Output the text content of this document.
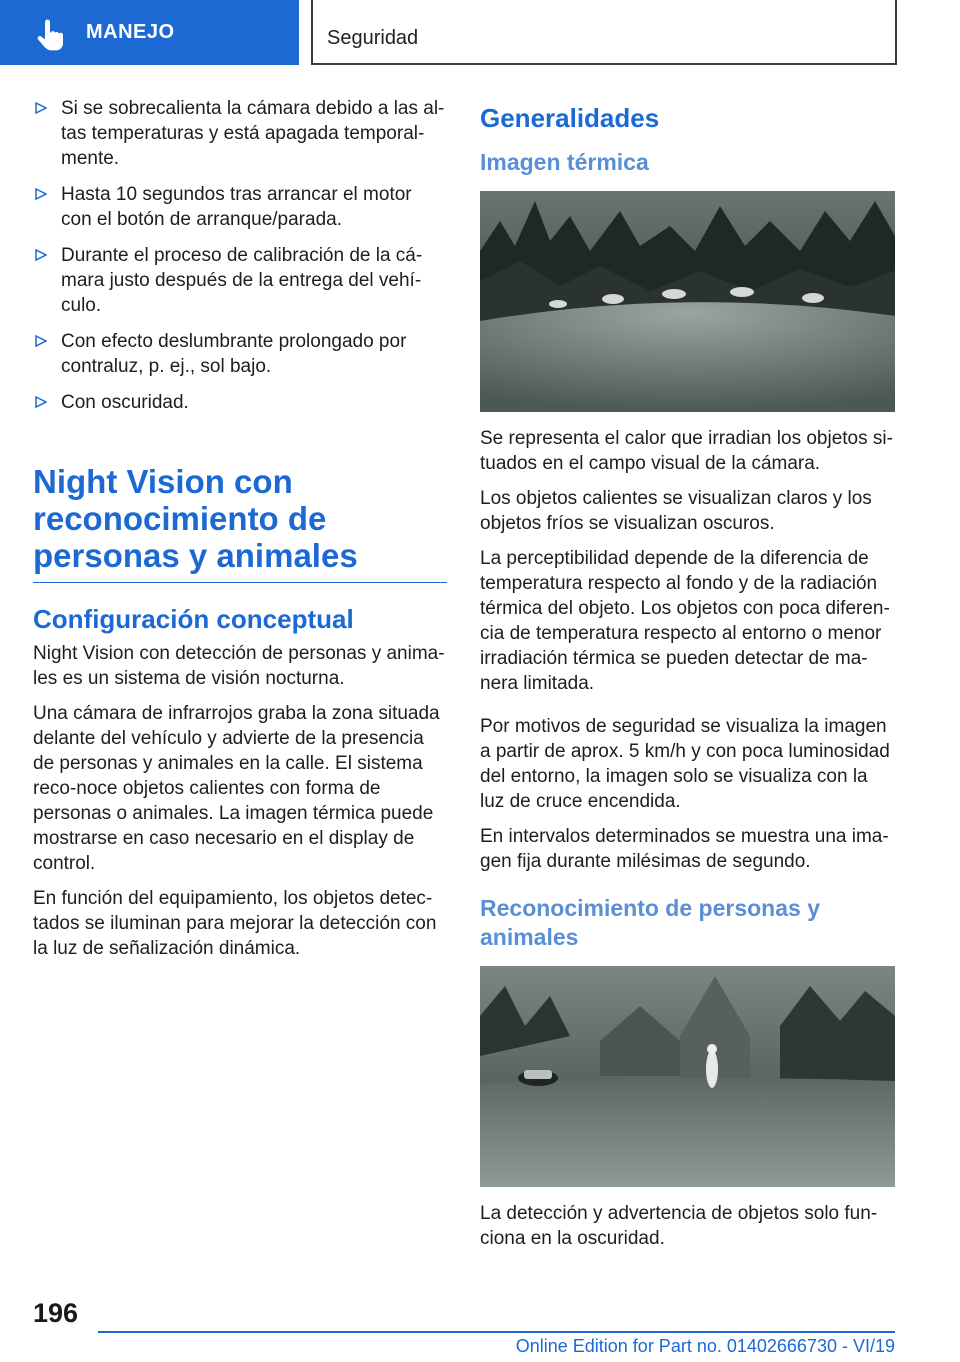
MANEJO	Seguridad
Si se sobrecalienta la cámara debido a las al-tas temperaturas y está apagada temporal-mente.
Hasta 10 segundos tras arrancar el motor con el botón de arranque/parada.
Durante el proceso de calibración de la cá-mara justo después de la entrega del vehí-culo.
Con efecto deslumbrante prolongado por contraluz, p. ej., sol bajo.
Con oscuridad.
Night Vision con reconocimiento de personas y animales
Configuración conceptual

Night Vision con detección de personas y anima-les es un sistema de visión nocturna.

Una cámara de infrarrojos graba la zona situada delante del vehículo y advierte de la presencia de personas y animales en la calle. El sistema reco-noce objetos calientes con forma de personas o animales. La imagen térmica puede mostrarse en caso necesario en el display de control.

En función del equipamiento, los objetos detec-tados se iluminan para mejorar la detección con la luz de señalización dinámica.

Generalidades
Imagen térmica

Se representa el calor que irradian los objetos si-tuados en el campo visual de la cámara.

Los objetos calientes se visualizan claros y los objetos fríos se visualizan oscuros.

La perceptibilidad depende de la diferencia de temperatura respecto al fondo y de la radiación térmica del objeto. Los objetos con poca diferen-cia de temperatura respecto al entorno o menor irradiación térmica se pueden detectar de ma-nera limitada.

Por motivos de seguridad se visualiza la imagen a partir de aprox. 5 km/h y con poca luminosidad del entorno, la imagen solo se visualiza con la luz de cruce encendida.

En intervalos determinados se muestra una ima-gen fija durante milésimas de segundo.

Reconocimiento de personas y animales

La detección y advertencia de objetos solo fun-ciona en la oscuridad.

196
Online Edition for Part no. 01402666730 - VI/19
